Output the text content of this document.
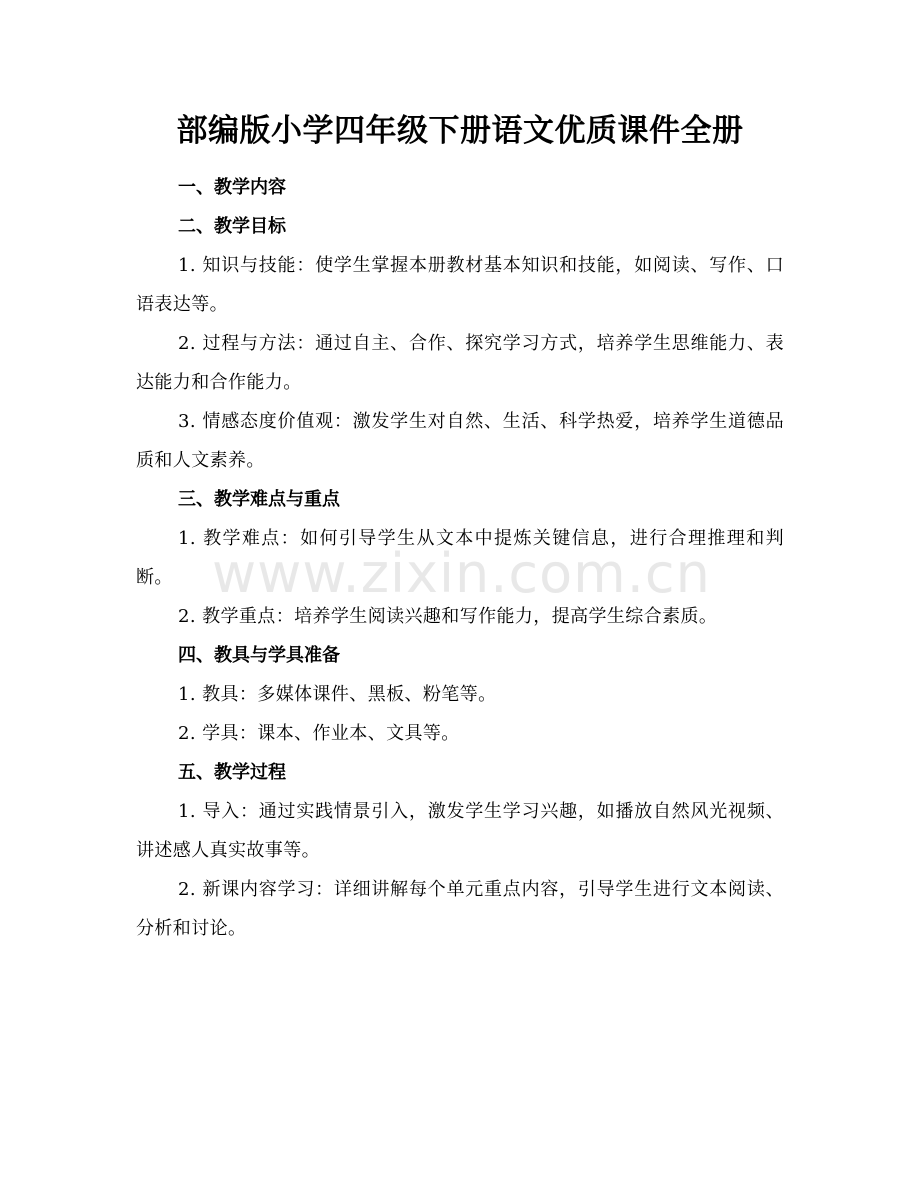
部编版小学四年级下册语文优质课件全册

一、教学内容

二、教学目标

1. 知识与技能：使学生掌握本册教材基本知识和技能，如阅读、写作、口语表达等。

2. 过程与方法：通过自主、合作、探究学习方式，培养学生思维能力、表达能力和合作能力。

3. 情感态度价值观：激发学生对自然、生活、科学热爱，培养学生道德品质和人文素养。

三、教学难点与重点

1. 教学难点：如何引导学生从文本中提炼关键信息，进行合理推理和判断。

2. 教学重点：培养学生阅读兴趣和写作能力，提高学生综合素质。

四、教具与学具准备

1. 教具：多媒体课件、黑板、粉笔等。

2. 学具：课本、作业本、文具等。

五、教学过程

1. 导入：通过实践情景引入，激发学生学习兴趣，如播放自然风光视频、讲述感人真实故事等。

2. 新课内容学习：详细讲解每个单元重点内容，引导学生进行文本阅读、分析和讨论。

www.zixin.com.cn
